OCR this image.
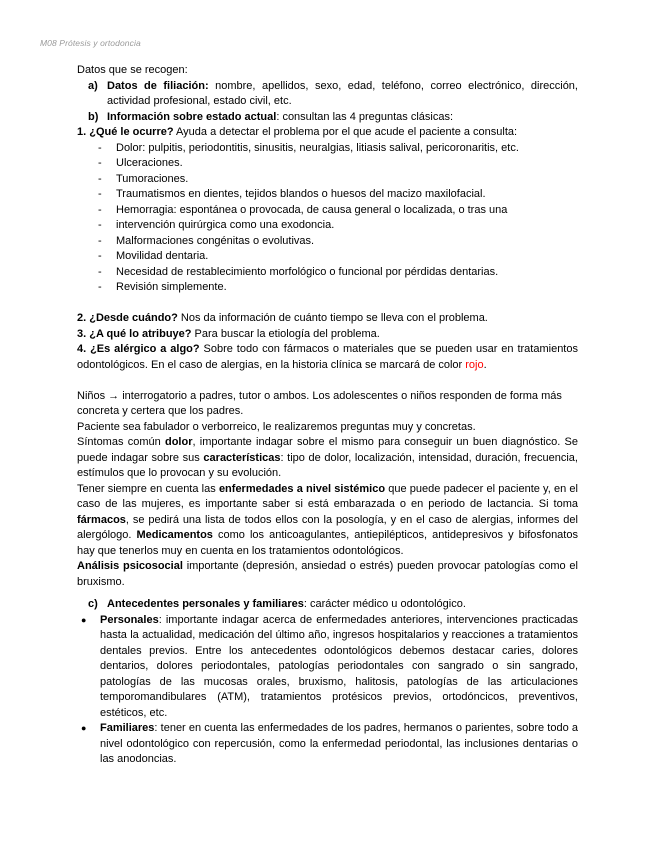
M08 Prótesis y ortodoncia

Datos que se recogen:

a) Datos de filiación: nombre, apellidos, sexo, edad, teléfono, correo electrónico, dirección, actividad profesional, estado civil, etc.
b) Información sobre estado actual: consultan las 4 preguntas clásicas:

1. ¿Qué le ocurre? Ayuda a detectar el problema por el que acude el paciente a consulta:

- Dolor: pulpitis, periodontitis, sinusitis, neuralgias, litiasis salival, pericoronaritis, etc.
- Ulceraciones.
- Tumoraciones.
- Traumatismos en dientes, tejidos blandos o huesos del macizo maxilofacial.
- Hemorragia: espontánea o provocada, de causa general o localizada, o tras una
- intervención quirúrgica como una exodoncia.
- Malformaciones congénitas o evolutivas.
- Movilidad dentaria.
- Necesidad de restablecimiento morfológico o funcional por pérdidas dentarias.
- Revisión simplemente.

2. ¿Desde cuándo? Nos da información de cuánto tiempo se lleva con el problema.

3. ¿A qué lo atribuye? Para buscar la etiología del problema.

4. ¿Es alérgico a algo? Sobre todo con fármacos o materiales que se pueden usar en tratamientos odontológicos. En el caso de alergias, en la historia clínica se marcará de color rojo.

Niños → interrogatorio a padres, tutor o ambos. Los adolescentes o niños responden de forma más concreta y certera que los padres.

Paciente sea fabulador o verborreico, le realizaremos preguntas muy y concretas.

Síntomas común dolor, importante indagar sobre el mismo para conseguir un buen diagnóstico. Se puede indagar sobre sus características: tipo de dolor, localización, intensidad, duración, frecuencia, estímulos que lo provocan y su evolución.

Tener siempre en cuenta las enfermedades a nivel sistémico que puede padecer el paciente y, en el caso de las mujeres, es importante saber si está embarazada o en periodo de lactancia. Si toma fármacos, se pedirá una lista de todos ellos con la posología, y en el caso de alergias, informes del alergólogo. Medicamentos como los anticoagulantes, antiepilépticos, antidepresivos y bifosfonatos hay que tenerlos muy en cuenta en los tratamientos odontológicos.

Análisis psicosocial importante (depresión, ansiedad o estrés) pueden provocar patologías como el bruxismo.

c) Antecedentes personales y familiares: carácter médico u odontológico.
● Personales: importante indagar acerca de enfermedades anteriores, intervenciones practicadas hasta la actualidad, medicación del último año, ingresos hospitalarios y reacciones a tratamientos dentales previos. Entre los antecedentes odontológicos debemos destacar caries, dolores dentarios, dolores periodontales, patologías periodontales con sangrado o sin sangrado, patologías de las mucosas orales, bruxismo, halitosis, patologías de las articulaciones temporomandibulares (ATM), tratamientos protésicos previos, ortodóncicos, preventivos, estéticos, etc.
● Familiares: tener en cuenta las enfermedades de los padres, hermanos o parientes, sobre todo a nivel odontológico con repercusión, como la enfermedad periodontal, las inclusiones dentarias o las anodoncias.
